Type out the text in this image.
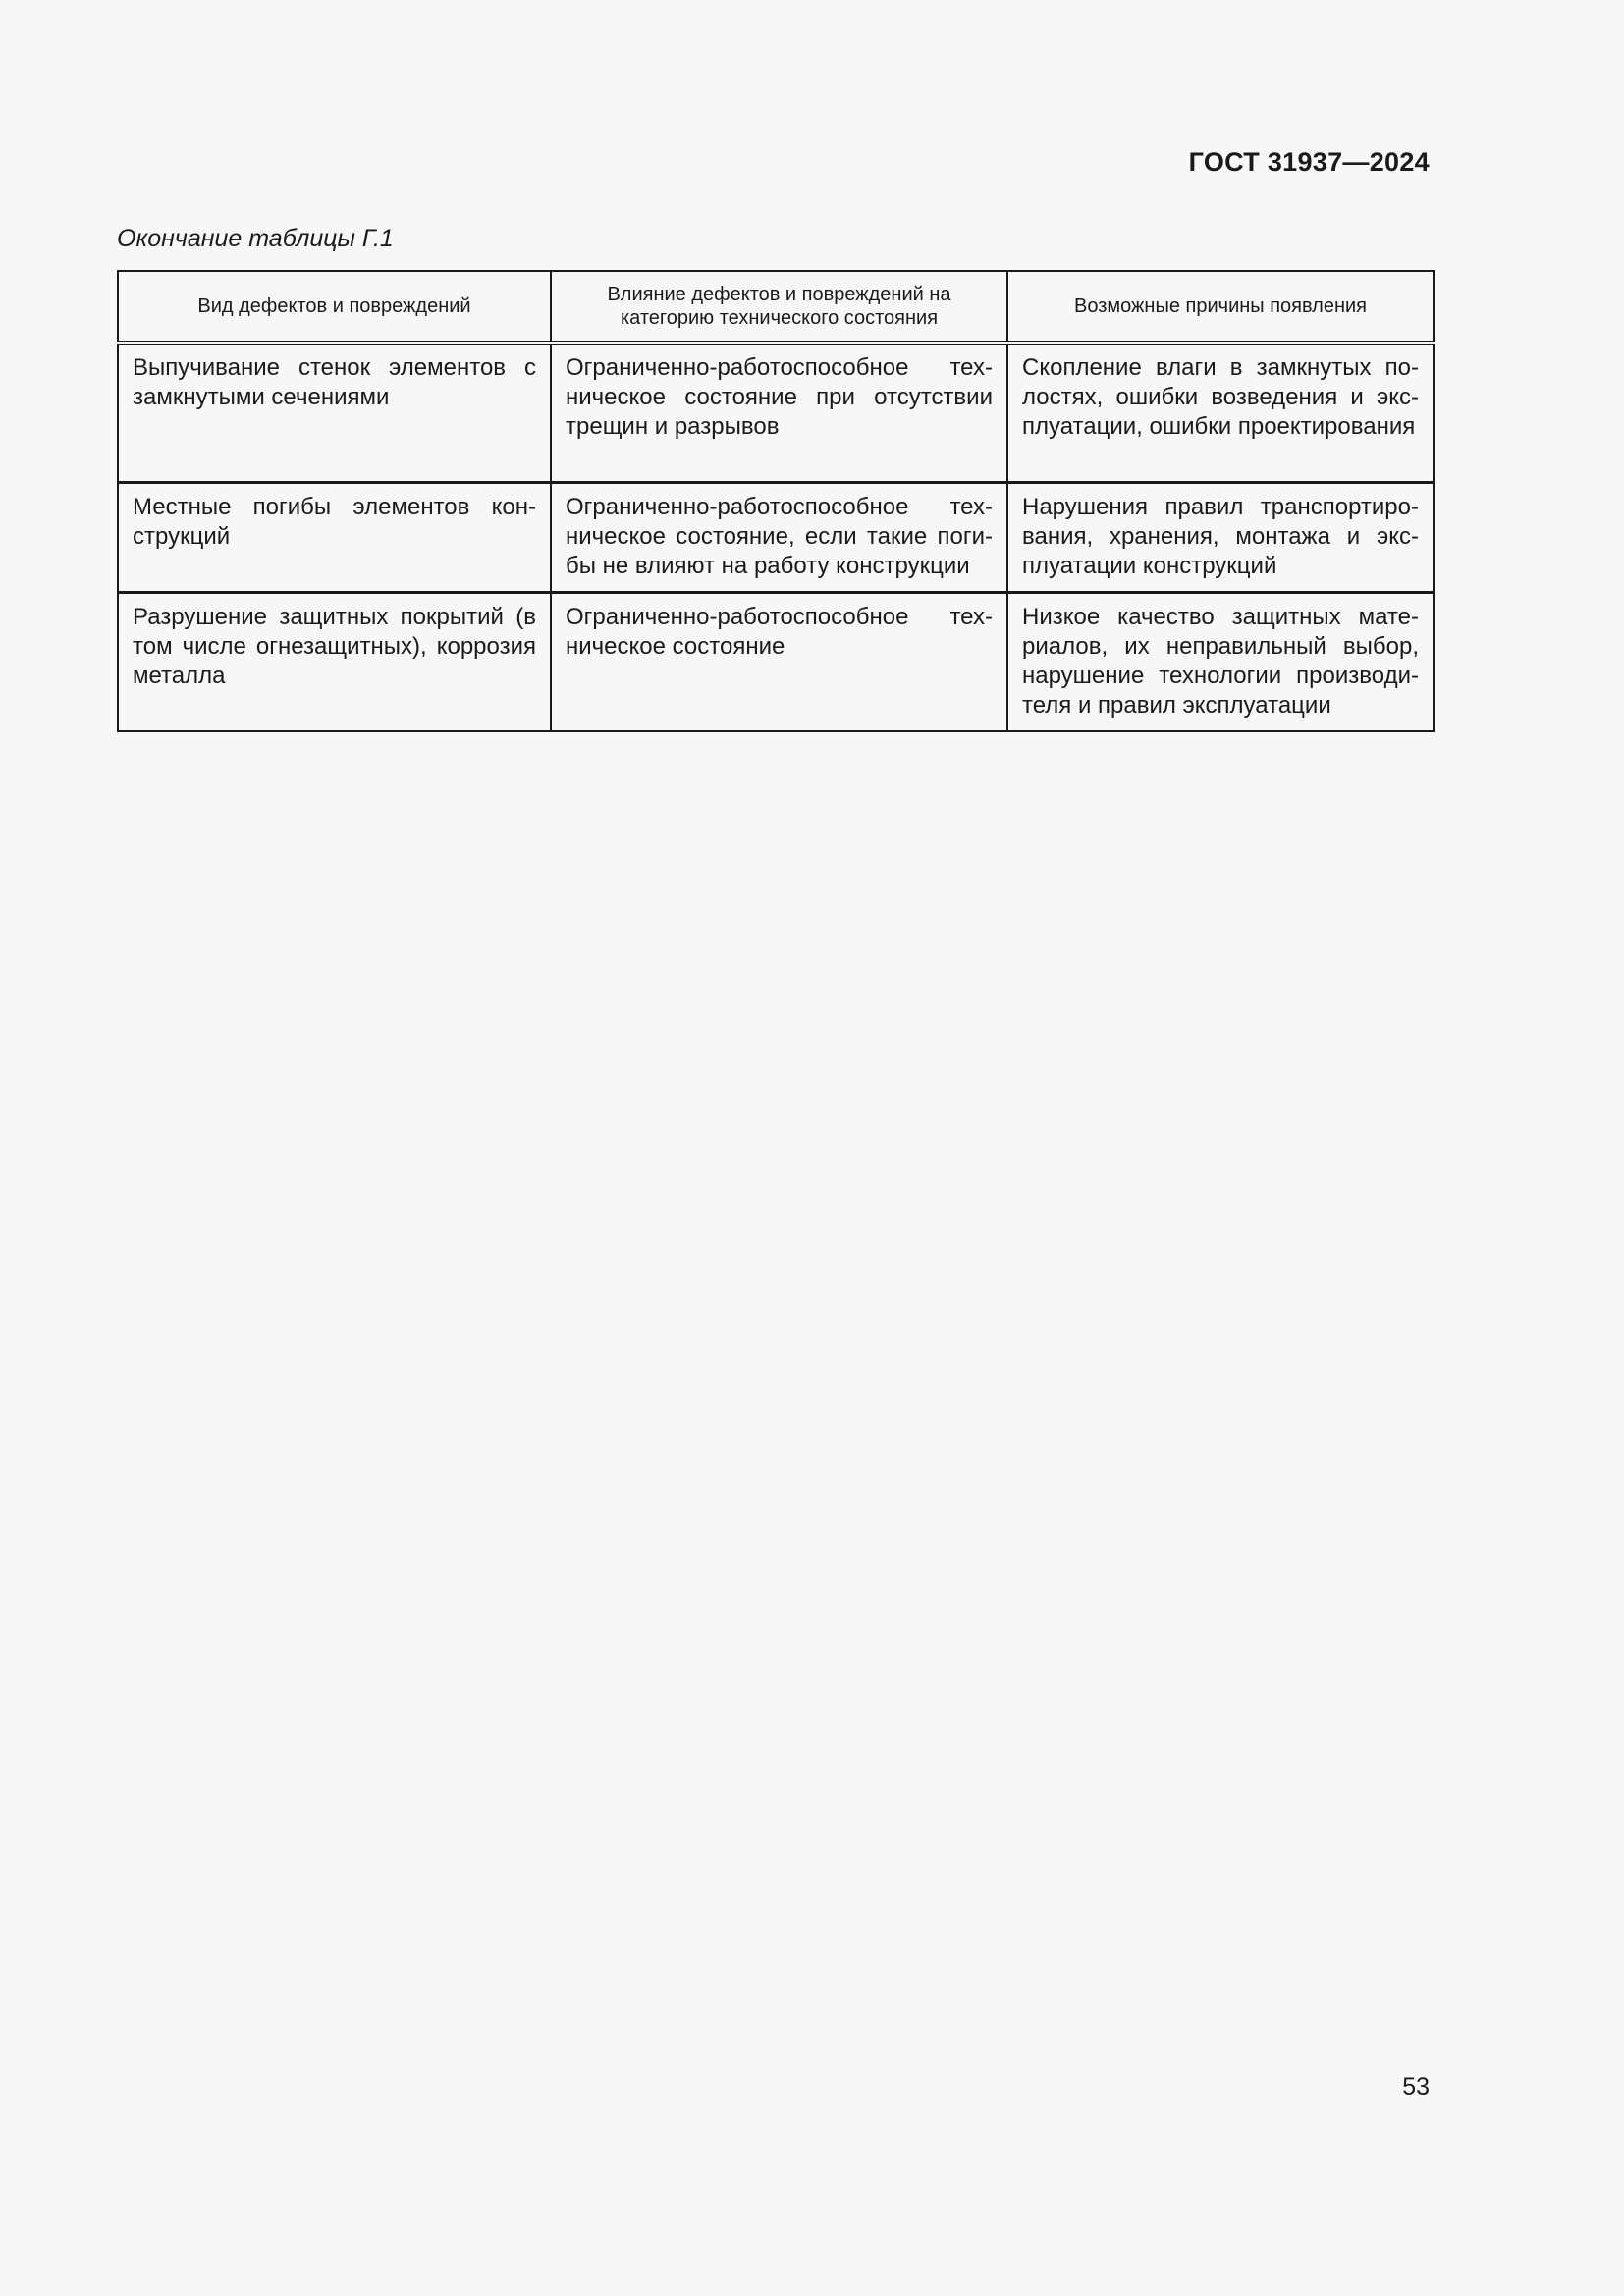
ГОСТ 31937—2024

Окончание таблицы Г.1

Вид дефектов и повреждений	Влияние дефектов и повреждений на категорию технического состояния	Возможные причины появления
Выпучивание стенок элементов с замкнутыми сечениями	Ограниченно-работоспособное техническое состояние при отсутствии трещин и разрывов	Скопление влаги в замкнутых полостях, ошибки возведения и эксплуатации, ошибки проектирования
Местные погибы элементов конструкций	Ограниченно-работоспособное техническое состояние, если такие погибы не влияют на работу конструкции	Нарушения правил транспортирования, хранения, монтажа и эксплуатации конструкций
Разрушение защитных покрытий (в том числе огнезащитных), коррозия металла	Ограниченно-работоспособное техническое состояние	Низкое качество защитных материалов, их неправильный выбор, нарушение технологии производителя и правил эксплуатации

53
